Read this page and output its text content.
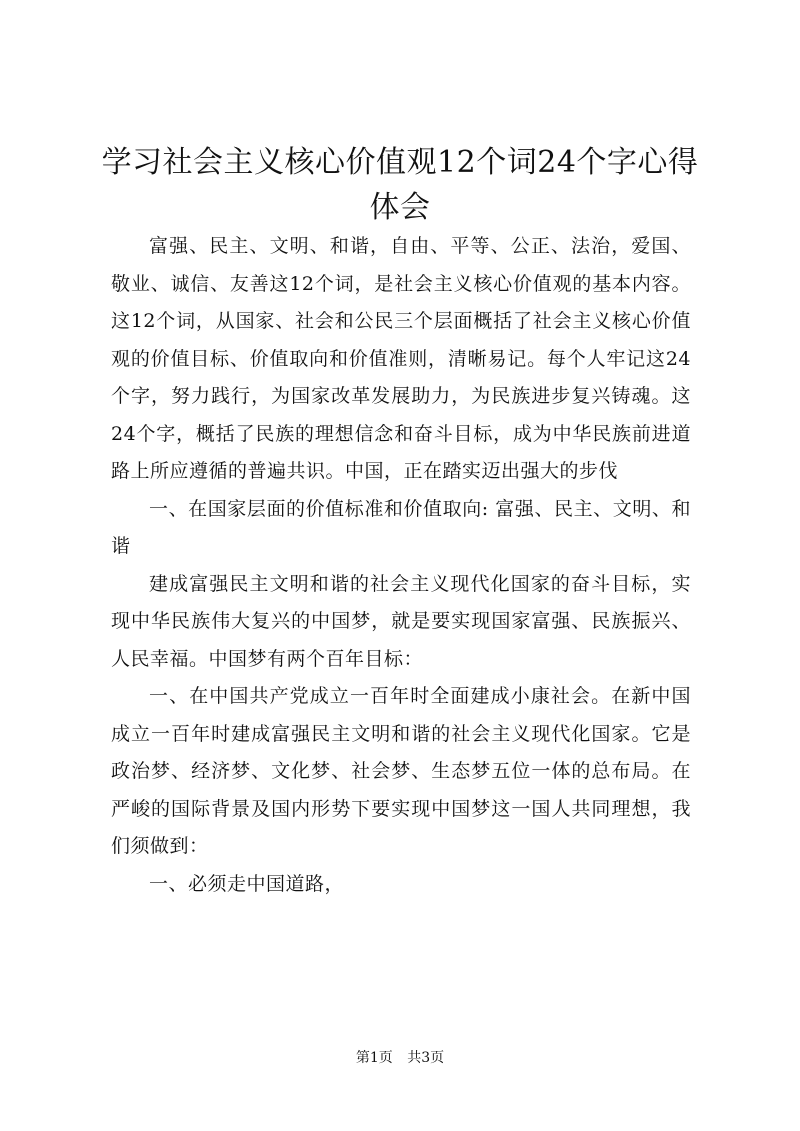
学习社会主义核心价值观12个词24个字心得体会

富强、民主、文明、和谐，自由、平等、公正、法治，爱国、敬业、诚信、友善这12个词，是社会主义核心价值观的基本内容。这12个词，从国家、社会和公民三个层面概括了社会主义核心价值观的价值目标、价值取向和价值准则，清晰易记。每个人牢记这24个字，努力践行，为国家改革发展助力，为民族进步复兴铸魂。这24个字，概括了民族的理想信念和奋斗目标，成为中华民族前进道路上所应遵循的普遍共识。中国，正在踏实迈出强大的步伐

一、在国家层面的价值标准和价值取向: 富强、民主、文明、和谐

建成富强民主文明和谐的社会主义现代化国家的奋斗目标，实现中华民族伟大复兴的中国梦，就是要实现国家富强、民族振兴、人民幸福。中国梦有两个百年目标：

一、在中国共产党成立一百年时全面建成小康社会。在新中国成立一百年时建成富强民主文明和谐的社会主义现代化国家。它是政治梦、经济梦、文化梦、社会梦、生态梦五位一体的总布局。在严峻的国际背景及国内形势下要实现中国梦这一国人共同理想，我们须做到：

一、必须走中国道路，

第1页 共3页
